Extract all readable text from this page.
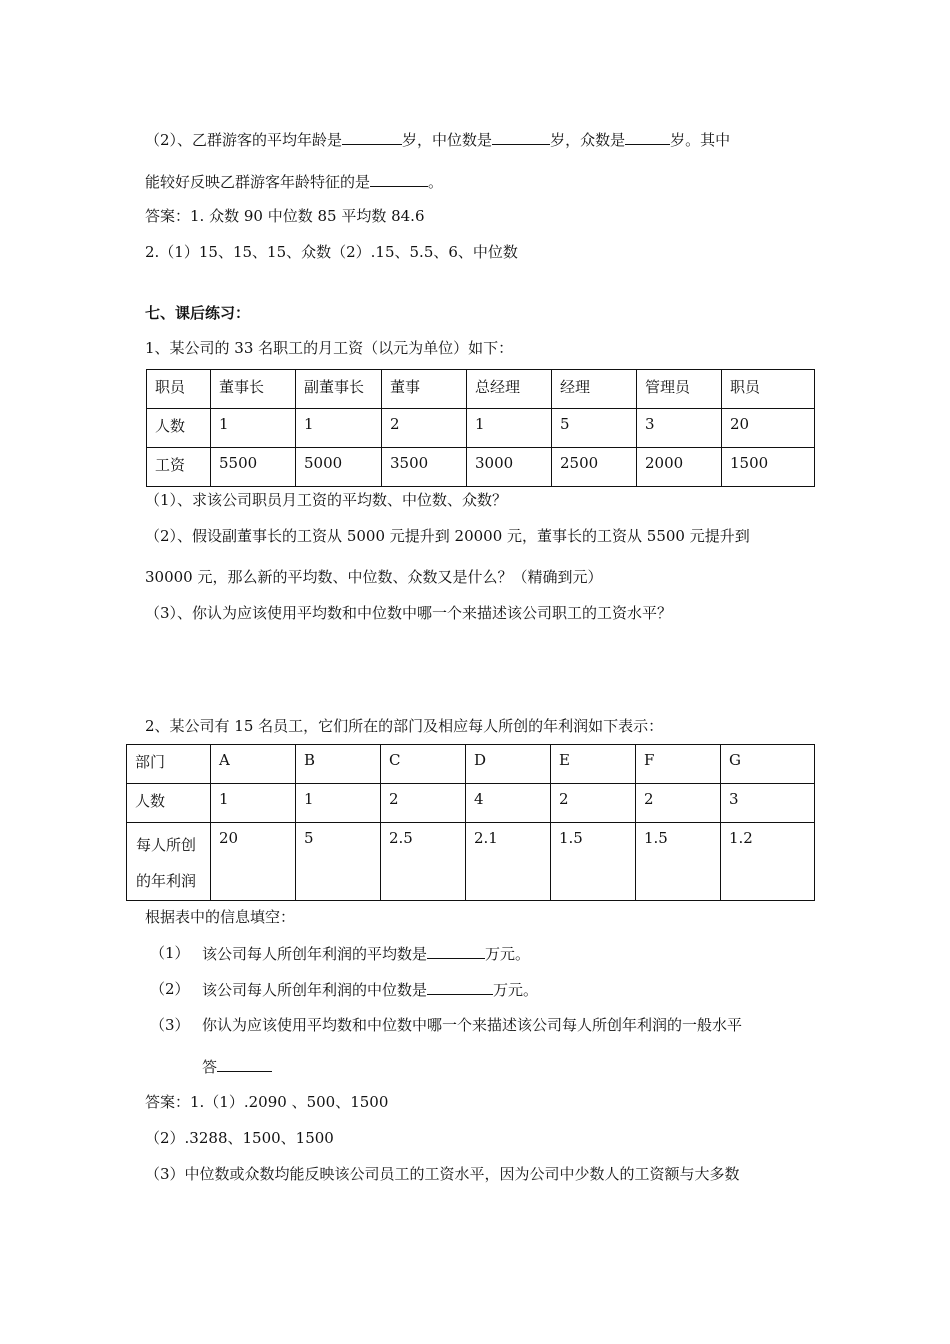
（2）、乙群游客的平均年龄是	岁，中位数是	岁，众数是	岁。其中
能较好反映乙群游客年龄特征的是	。
答案：1. 众数 90 中位数 85 平均数 84.6
2.（1）15、15、15、众数（2）.15、5.5、6、中位数
七、课后练习：
1、某公司的 33 名职工的月工资（以元为单位）如下：
职员	董事长	副董事长	董事	总经理	经理	管理员	职员
人数	1	1	2	1	5	3	20
工资	5500	5000	3500	3000	2500	2000	1500
（1）、求该公司职员月工资的平均数、中位数、众数？
（2）、假设副董事长的工资从 5000 元提升到 20000 元，董事长的工资从 5500 元提升到
30000 元，那么新的平均数、中位数、众数又是什么？（精确到元）
（3）、你认为应该使用平均数和中位数中哪一个来描述该公司职工的工资水平？
2、某公司有 15 名员工，它们所在的部门及相应每人所创的年利润如下表示：
部门	A	B	C	D	E	F	G
人数	1	1	2	4	2	2	3

每人所创
的年利润	20	5	2.5	2.1	1.5	1.5	1.2
根据表中的信息填空：
（1） 该公司每人所创年利润的平均数是	万元。
（2） 该公司每人所创年利润的中位数是	万元。
（3） 你认为应该使用平均数和中位数中哪一个来描述该公司每人所创年利润的一般水平
答
答案：1.（1）.2090 、500、1500
（2）.3288、1500、1500
（3）中位数或众数均能反映该公司员工的工资水平，因为公司中少数人的工资额与大多数
